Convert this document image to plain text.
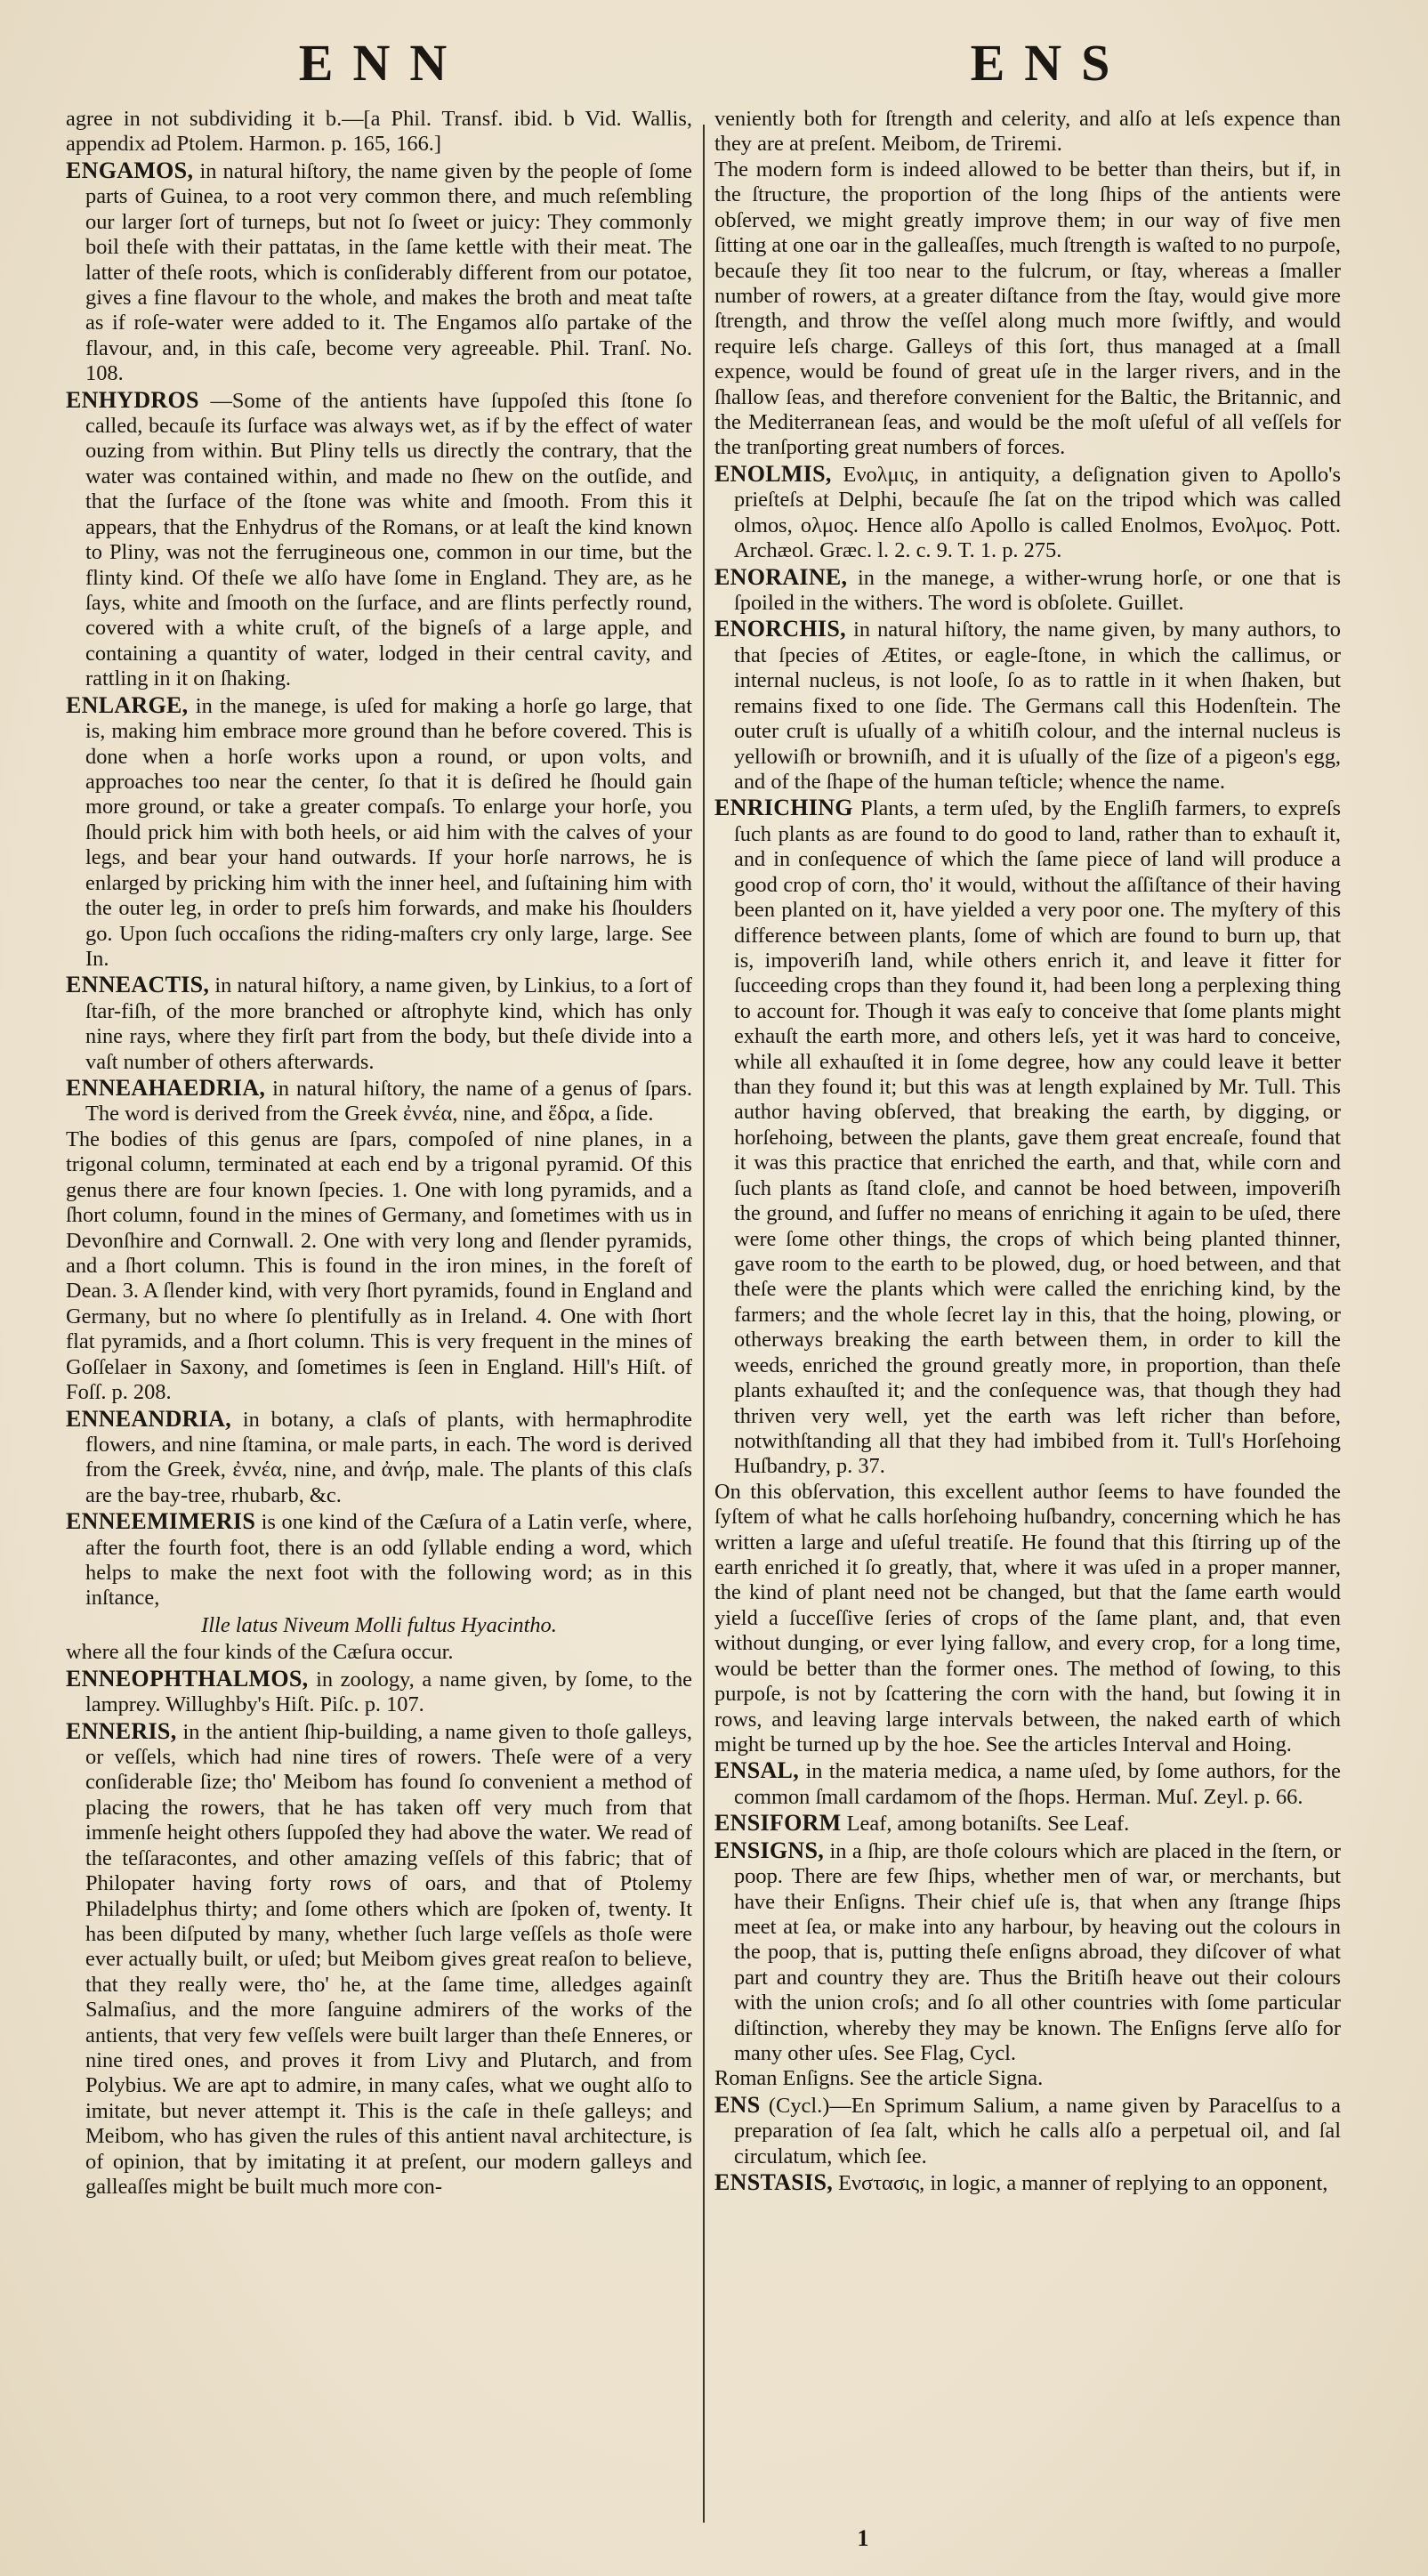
ENN	ENS

agree in not subdividing it b.—[a Phil. Transf. ibid. b Vid. Wallis, appendix ad Ptolem. Harmon. p. 165, 166.]

ENGAMOS, in natural hiſtory, the name given by the people of ſome parts of Guinea, to a root very common there, and much reſembling our larger ſort of turneps, but not ſo ſweet or juicy: They commonly boil theſe with their pattatas, in the ſame kettle with their meat. The latter of theſe roots, which is conſiderably different from our potatoe, gives a fine flavour to the whole, and makes the broth and meat taſte as if roſe-water were added to it. The Engamos alſo partake of the flavour, and, in this caſe, become very agreeable. Phil. Tranſ. No. 108.

ENHYDROS —Some of the antients have ſuppoſed this ſtone ſo called, becauſe its ſurface was always wet, as if by the effect of water ouzing from within. But Pliny tells us directly the contrary, that the water was contained within, and made no ſhew on the outſide, and that the ſurface of the ſtone was white and ſmooth. From this it appears, that the Enhydrus of the Romans, or at leaſt the kind known to Pliny, was not the ferrugineous one, common in our time, but the flinty kind. Of theſe we alſo have ſome in England. They are, as he ſays, white and ſmooth on the ſurface, and are flints perfectly round, covered with a white cruſt, of the bigneſs of a large apple, and containing a quantity of water, lodged in their central cavity, and rattling in it on ſhaking.

ENLARGE, in the manege, is uſed for making a horſe go large, that is, making him embrace more ground than he before covered. This is done when a horſe works upon a round, or upon volts, and approaches too near the center, ſo that it is deſired he ſhould gain more ground, or take a greater compaſs. To enlarge your horſe, you ſhould prick him with both heels, or aid him with the calves of your legs, and bear your hand outwards. If your horſe narrows, he is enlarged by pricking him with the inner heel, and ſuſtaining him with the outer leg, in order to preſs him forwards, and make his ſhoulders go. Upon ſuch occaſions the riding-maſters cry only large, large. See In.

ENNEACTIS, in natural hiſtory, a name given, by Linkius, to a ſort of ſtar-fiſh, of the more branched or aſtrophyte kind, which has only nine rays, where they firſt part from the body, but theſe divide into a vaſt number of others afterwards.

ENNEAHAEDRIA, in natural hiſtory, the name of a genus of ſpars. The word is derived from the Greek ἐννέα, nine, and ἕδρα, a ſide.

The bodies of this genus are ſpars, compoſed of nine planes, in a trigonal column, terminated at each end by a trigonal pyramid. Of this genus there are four known ſpecies. 1. One with long pyramids, and a ſhort column, found in the mines of Germany, and ſometimes with us in Devonſhire and Cornwall. 2. One with very long and ſlender pyramids, and a ſhort column. This is found in the iron mines, in the foreſt of Dean. 3. A ſlender kind, with very ſhort pyramids, found in England and Germany, but no where ſo plentifully as in Ireland. 4. One with ſhort flat pyramids, and a ſhort column. This is very frequent in the mines of Goſſelaer in Saxony, and ſometimes is ſeen in England. Hill's Hiſt. of Foſſ. p. 208.

ENNEANDRIA, in botany, a claſs of plants, with hermaphrodite flowers, and nine ſtamina, or male parts, in each. The word is derived from the Greek, ἐννέα, nine, and ἀνήρ, male. The plants of this claſs are the bay-tree, rhubarb, &c.

ENNEEMIMERIS is one kind of the Cæſura of a Latin verſe, where, after the fourth foot, there is an odd ſyllable ending a word, which helps to make the next foot with the following word; as in this inſtance,

Ille latus Niveum Molli fultus Hyacintho.

where all the four kinds of the Cæſura occur.

ENNEOPHTHALMOS, in zoology, a name given, by ſome, to the lamprey. Willughby's Hiſt. Piſc. p. 107.

ENNERIS, in the antient ſhip-building, a name given to thoſe galleys, or veſſels, which had nine tires of rowers. Theſe were of a very conſiderable ſize; tho' Meibom has found ſo convenient a method of placing the rowers, that he has taken off very much from that immenſe height others ſuppoſed they had above the water. We read of the teſſaracontes, and other amazing veſſels of this fabric; that of Philopater having forty rows of oars, and that of Ptolemy Philadelphus thirty; and ſome others which are ſpoken of, twenty. It has been diſputed by many, whether ſuch large veſſels as thoſe were ever actually built, or uſed; but Meibom gives great reaſon to believe, that they really were, tho' he, at the ſame time, alledges againſt Salmaſius, and the more ſanguine admirers of the works of the antients, that very few veſſels were built larger than theſe Enneres, or nine tired ones, and proves it from Livy and Plutarch, and from Polybius. We are apt to admire, in many caſes, what we ought alſo to imitate, but never attempt it. This is the caſe in theſe galleys; and Meibom, who has given the rules of this antient naval architecture, is of opinion, that by imitating it at preſent, our modern galleys and galleaſſes might be built much more con-

veniently both for ſtrength and celerity, and alſo at leſs expence than they are at preſent. Meibom, de Triremi.

The modern form is indeed allowed to be better than theirs, but if, in the ſtructure, the proportion of the long ſhips of the antients were obſerved, we might greatly improve them; in our way of five men ſitting at one oar in the galleaſſes, much ſtrength is waſted to no purpoſe, becauſe they ſit too near to the fulcrum, or ſtay, whereas a ſmaller number of rowers, at a greater diſtance from the ſtay, would give more ſtrength, and throw the veſſel along much more ſwiftly, and would require leſs charge. Galleys of this ſort, thus managed at a ſmall expence, would be found of great uſe in the larger rivers, and in the ſhallow ſeas, and therefore convenient for the Baltic, the Britannic, and the Mediterranean ſeas, and would be the moſt uſeful of all veſſels for the tranſporting great numbers of forces.

ENOLMIS, Ενολμις, in antiquity, a deſignation given to Apollo's prieſteſs at Delphi, becauſe ſhe ſat on the tripod which was called olmos, ολμος. Hence alſo Apollo is called Enolmos, Ενολμος. Pott. Archæol. Græc. l. 2. c. 9. T. 1. p. 275.

ENORAINE, in the manege, a wither-wrung horſe, or one that is ſpoiled in the withers. The word is obſolete. Guillet.

ENORCHIS, in natural hiſtory, the name given, by many authors, to that ſpecies of Ætites, or eagle-ſtone, in which the callimus, or internal nucleus, is not looſe, ſo as to rattle in it when ſhaken, but remains fixed to one ſide. The Germans call this Hodenſtein. The outer cruſt is uſually of a whitiſh colour, and the internal nucleus is yellowiſh or browniſh, and it is uſually of the ſize of a pigeon's egg, and of the ſhape of the human teſticle; whence the name.

ENRICHING Plants, a term uſed, by the Engliſh farmers, to expreſs ſuch plants as are found to do good to land, rather than to exhauſt it, and in conſequence of which the ſame piece of land will produce a good crop of corn, tho' it would, without the aſſiſtance of their having been planted on it, have yielded a very poor one. The myſtery of this difference between plants, ſome of which are found to burn up, that is, impoveriſh land, while others enrich it, and leave it fitter for ſucceeding crops than they found it, had been long a perplexing thing to account for. Though it was eaſy to conceive that ſome plants might exhauſt the earth more, and others leſs, yet it was hard to conceive, while all exhauſted it in ſome degree, how any could leave it better than they found it; but this was at length explained by Mr. Tull. This author having obſerved, that breaking the earth, by digging, or horſehoing, between the plants, gave them great encreaſe, found that it was this practice that enriched the earth, and that, while corn and ſuch plants as ſtand cloſe, and cannot be hoed between, impoveriſh the ground, and ſuffer no means of enriching it again to be uſed, there were ſome other things, the crops of which being planted thinner, gave room to the earth to be plowed, dug, or hoed between, and that theſe were the plants which were called the enriching kind, by the farmers; and the whole ſecret lay in this, that the hoing, plowing, or otherways breaking the earth between them, in order to kill the weeds, enriched the ground greatly more, in proportion, than theſe plants exhauſted it; and the conſequence was, that though they had thriven very well, yet the earth was left richer than before, notwithſtanding all that they had imbibed from it. Tull's Horſehoing Huſbandry, p. 37.

On this obſervation, this excellent author ſeems to have founded the ſyſtem of what he calls horſehoing huſbandry, concerning which he has written a large and uſeful treatiſe. He found that this ſtirring up of the earth enriched it ſo greatly, that, where it was uſed in a proper manner, the kind of plant need not be changed, but that the ſame earth would yield a ſucceſſive ſeries of crops of the ſame plant, and, that even without dunging, or ever lying fallow, and every crop, for a long time, would be better than the former ones. The method of ſowing, to this purpoſe, is not by ſcattering the corn with the hand, but ſowing it in rows, and leaving large intervals between, the naked earth of which might be turned up by the hoe. See the articles Interval and Hoing.

ENSAL, in the materia medica, a name uſed, by ſome authors, for the common ſmall cardamom of the ſhops. Herman. Muſ. Zeyl. p. 66.

ENSIFORM Leaf, among botaniſts. See Leaf.

ENSIGNS, in a ſhip, are thoſe colours which are placed in the ſtern, or poop. There are few ſhips, whether men of war, or merchants, but have their Enſigns. Their chief uſe is, that when any ſtrange ſhips meet at ſea, or make into any harbour, by heaving out the colours in the poop, that is, putting theſe enſigns abroad, they diſcover of what part and country they are. Thus the Britiſh heave out their colours with the union croſs; and ſo all other countries with ſome particular diſtinction, whereby they may be known. The Enſigns ſerve alſo for many other uſes. See Flag, Cycl.

Roman Enſigns. See the article Signa.

ENS (Cycl.)—En Sprimum Salium, a name given by Paracelſus to a preparation of ſea ſalt, which he calls alſo a perpetual oil, and ſal circulatum, which ſee.

ENSTASIS, Ενστασις, in logic, a manner of replying to an opponent,

1
